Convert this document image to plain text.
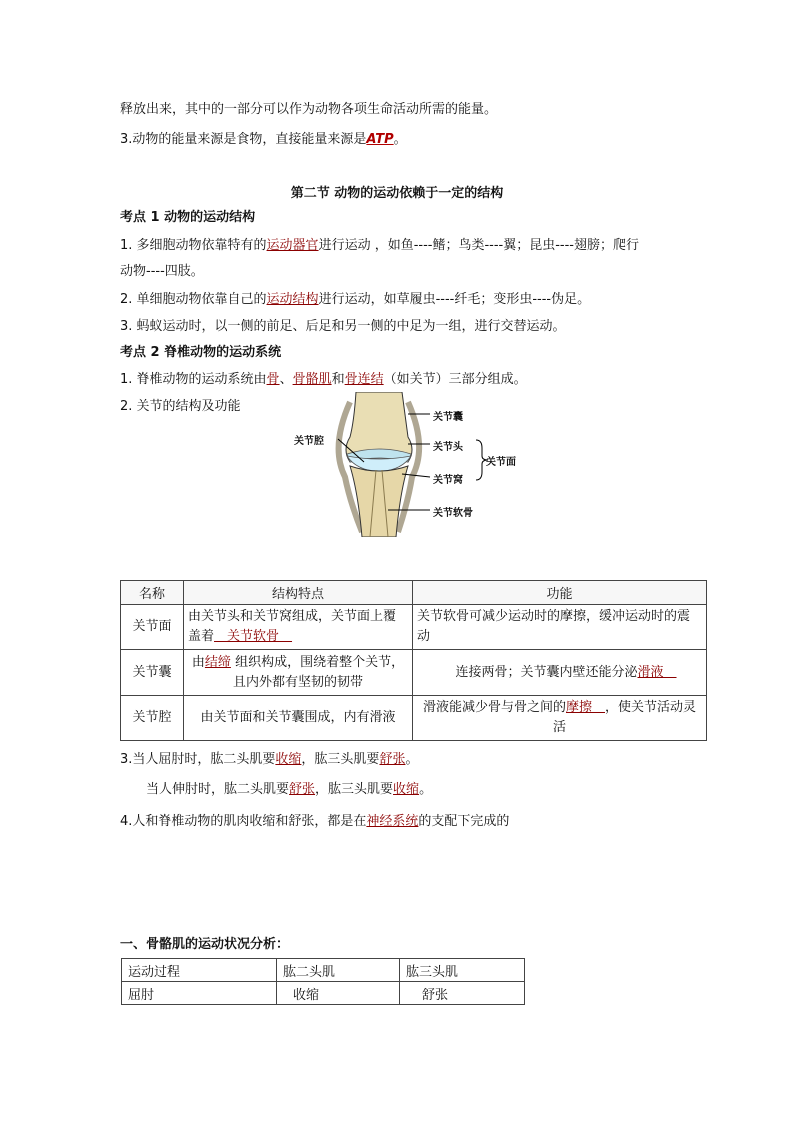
释放出来，其中的一部分可以作为动物各项生命活动所需的能量。
3.动物的能量来源是食物，直接能量来源是ATP。
第二节 动物的运动依赖于一定的结构
考点 1 动物的运动结构
1. 多细胞动物依靠特有的运动器官进行运动 ，如鱼----鳍；鸟类----翼；昆虫----翅膀；爬行
动物----四肢。
2. 单细胞动物依靠自己的运动结构进行运动，如草履虫----纤毛；变形虫----伪足。
3. 蚂蚁运动时，以一侧的前足、后足和另一侧的中足为一组，进行交替运动。
考点 2 脊椎动物的运动系统
1. 脊椎动物的运动系统由骨、骨骼肌和骨连结（如关节）三部分组成。
2. 关节的结构及功能
关节囊
关节腔
关节头
关节面
关节窝
关节软骨
名称	结构特点	功能
关节面	由关节头和关节窝组成，关节面上覆盖着　关节软骨　	关节软骨可减少运动时的摩擦，缓冲运动时的震动
关节囊	由结缔 组织构成，围绕着整个关节，且内外都有坚韧的韧带	连接两骨；关节囊内壁还能分泌滑液　
关节腔	由关节面和关节囊围成，内有滑液	滑液能减少骨与骨之间的摩擦　，使关节活动灵活
3.当人屈肘时，肱二头肌要收缩，肱三头肌要舒张。
当人伸肘时，肱二头肌要舒张，肱三头肌要收缩。
4.人和脊椎动物的肌肉收缩和舒张，都是在神经系统的支配下完成的
一、骨骼肌的运动状况分析：
运动过程	肱二头肌	肱三头肌
屈肘	收缩	舒张
